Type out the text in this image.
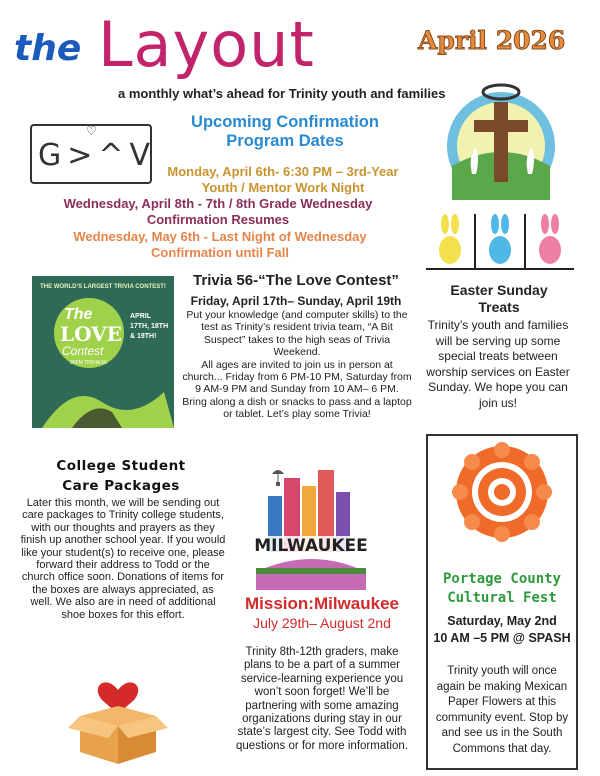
the Layout	April 2026
a monthly what’s ahead for Trinity youth and families
♡
G>^V
Upcoming Confirmation Program Dates
Monday, April 6th- 6:30 PM – 3rd-Year Youth / Mentor Work Night
Wednesday, April 8th - 7th / 8th Grade Wednesday Confirmation Resumes
Wednesday, May 6th - Last Night of Wednesday Confirmation until Fall
THE WORLD’S LARGEST TRIVIA CONTEST!
The
LOVE
Contest
90FM TRIVIA 56
APRIL 17TH, 18TH & 19TH!
Trivia 56-“The Love Contest”
Friday, April 17th– Sunday, April 19th

Put your knowledge (and computer skills) to the test as Trinity’s resident trivia team, “A Bit Suspect” takes to the high seas of Trivia Weekend.

All ages are invited to join us in person at church... Friday from 6 PM-10 PM, Saturday from 9 AM-9 PM and Sunday from 10 AM– 6 PM.

Bring along a dish or snacks to pass and a laptop or tablet. Let’s play some Trivia!

Easter Sunday Treats
Trinity’s youth and families will be serving up some special treats between worship services on Easter Sunday. We hope you can join us!
College Student Care Packages
Later this month, we will be sending out care packages to Trinity college students, with our thoughts and prayers as they finish up another school year. If you would like your student(s) to receive one, please forward their address to Todd or the church office soon. Donations of items for the boxes are always appreciated, as well. We also are in need of additional shoe boxes for this effort.
MILWAUKEE
Mission:Milwaukee
July 29th– August 2nd
Trinity 8th-12th graders, make plans to be a part of a summer service-learning experience you won’t soon forget! We’ll be partnering with some amazing organizations during stay in our state’s largest city. See Todd with questions or for more information.
Portage County Cultural Fest
Saturday, May 2nd
10 AM –5 PM @ SPASH
Trinity youth will once again be making Mexican Paper Flowers at this community event. Stop by and see us in the South Commons that day.
